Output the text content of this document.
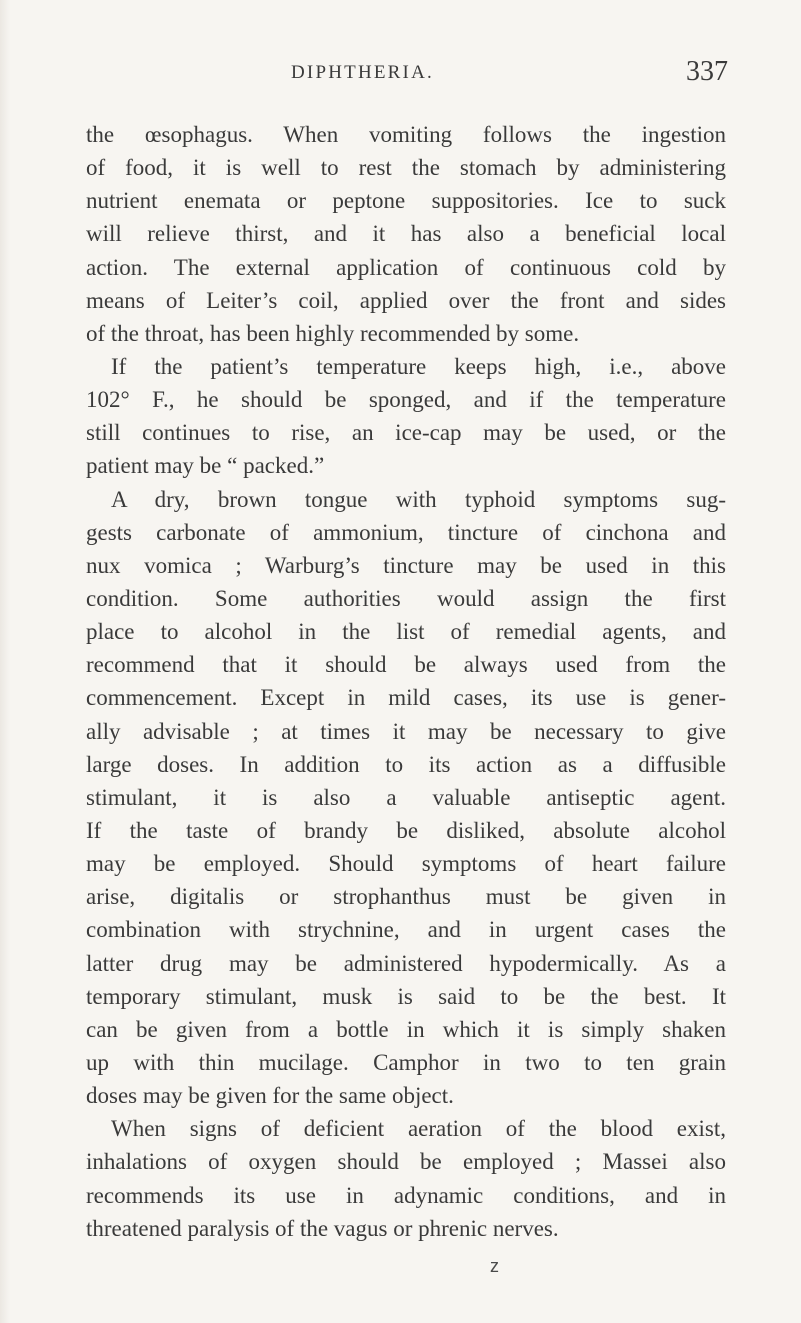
DIPHTHERIA.	337
the œsophagus. When vomiting follows the ingestion
of food, it is well to rest the stomach by administering
nutrient enemata or peptone suppositories. Ice to suck
will relieve thirst, and it has also a beneficial local
action. The external application of continuous cold by
means of Leiter’s coil, applied over the front and sides
of the throat, has been highly recommended by some.
If the patient’s temperature keeps high, i.e., above
102° F., he should be sponged, and if the temperature
still continues to rise, an ice-cap may be used, or the
patient may be “ packed.”
A dry, brown tongue with typhoid symptoms sug-
gests carbonate of ammonium, tincture of cinchona and
nux vomica ; Warburg’s tincture may be used in this
condition. Some authorities would assign the first
place to alcohol in the list of remedial agents, and
recommend that it should be always used from the
commencement. Except in mild cases, its use is gener-
ally advisable ; at times it may be necessary to give
large doses. In addition to its action as a diffusible
stimulant, it is also a valuable antiseptic agent.
If the taste of brandy be disliked, absolute alcohol
may be employed. Should symptoms of heart failure
arise, digitalis or strophanthus must be given in
combination with strychnine, and in urgent cases the
latter drug may be administered hypodermically. As a
temporary stimulant, musk is said to be the best. It
can be given from a bottle in which it is simply shaken
up with thin mucilage. Camphor in two to ten grain
doses may be given for the same object.
When signs of deficient aeration of the blood exist,
inhalations of oxygen should be employed ; Massei also
recommends its use in adynamic conditions, and in
threatened paralysis of the vagus or phrenic nerves.
z
